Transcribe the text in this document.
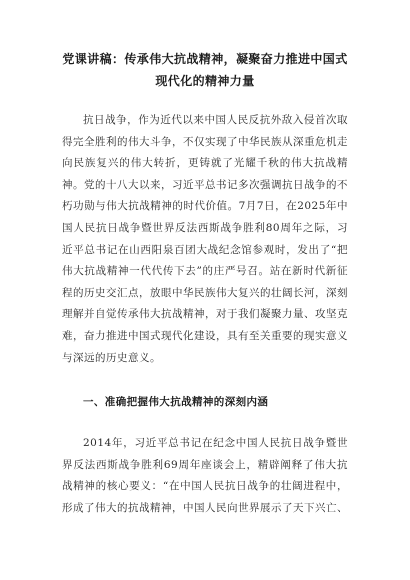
党课讲稿：传承伟大抗战精神，凝聚奋力推进中国式现代化的精神力量

抗日战争，作为近代以来中国人民反抗外敌入侵首次取得完全胜利的伟大斗争，不仅实现了中华民族从深重危机走向民族复兴的伟大转折，更铸就了光耀千秋的伟大抗战精神。党的十八大以来，习近平总书记多次强调抗日战争的不朽功勋与伟大抗战精神的时代价值。7月7日，在2025年中国人民抗日战争暨世界反法西斯战争胜利80周年之际，习近平总书记在山西阳泉百团大战纪念馆参观时，发出了“把伟大抗战精神一代代传下去”的庄严号召。站在新时代新征程的历史交汇点，放眼中华民族伟大复兴的壮阔长河，深刻理解并自觉传承伟大抗战精神，对于我们凝聚力量、攻坚克难，奋力推进中国式现代化建设，具有至关重要的现实意义与深远的历史意义。

一、准确把握伟大抗战精神的深刻内涵

2014年，习近平总书记在纪念中国人民抗日战争暨世界反法西斯战争胜利69周年座谈会上，精辟阐释了伟大抗战精神的核心要义：“在中国人民抗日战争的壮阔进程中，形成了伟大的抗战精神，中国人民向世界展示了天下兴亡、
